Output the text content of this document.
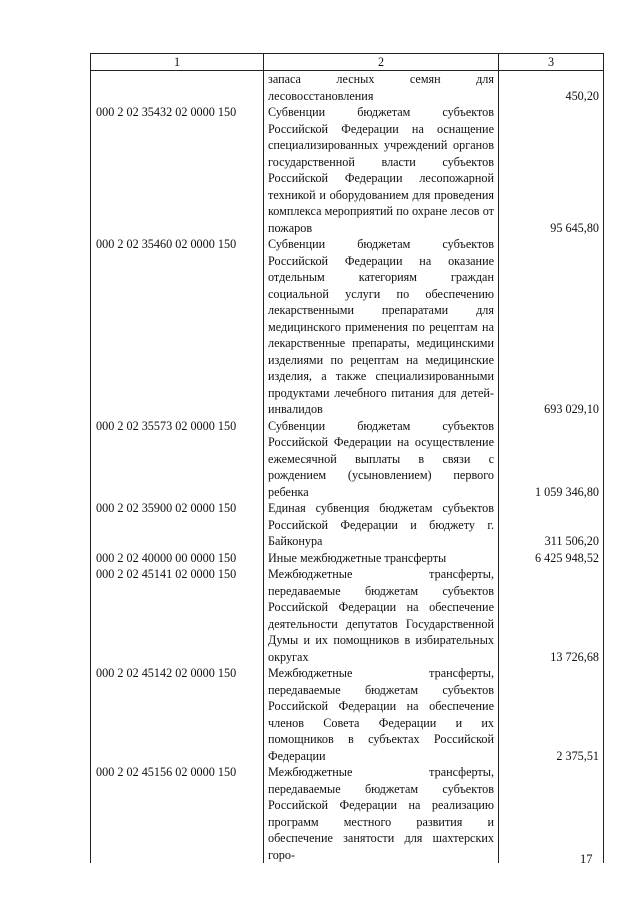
1	2	3
	запаса лесных семян для лесовосстановления	450,20
000 2 02 35432 02 0000 150	Субвенции бюджетам субъектов Российской Федерации на оснащение специализированных учреждений органов государственной власти субъектов Российской Федерации лесопожарной техникой и оборудованием для проведения комплекса мероприятий по охране лесов от пожаров	95 645,80
000 2 02 35460 02 0000 150	Субвенции бюджетам субъектов Российской Федерации на оказание отдельным категориям граждан социальной услуги по обеспечению лекарственными препаратами для медицинского применения по рецептам на лекарственные препараты, медицинскими изделиями по рецептам на медицинские изделия, а также специализированными продуктами лечебного питания для детей-инвалидов	693 029,10
000 2 02 35573 02 0000 150	Субвенции бюджетам субъектов Российской Федерации на осуществление ежемесячной выплаты в связи с рождением (усыновлением) первого ребенка	1 059 346,80
000 2 02 35900 02 0000 150	Единая субвенция бюджетам субъектов Российской Федерации и бюджету г. Байконура	311 506,20
000 2 02 40000 00 0000 150	Иные межбюджетные трансферты	6 425 948,52
000 2 02 45141 02 0000 150	Межбюджетные трансферты, передаваемые бюджетам субъектов Российской Федерации на обеспечение деятельности депутатов Государственной Думы и их помощников в избирательных округах	13 726,68
000 2 02 45142 02 0000 150	Межбюджетные трансферты, передаваемые бюджетам субъектов Российской Федерации на обеспечение членов Совета Федерации и их помощников в субъектах Российской Федерации	2 375,51
000 2 02 45156 02 0000 150	Межбюджетные трансферты, передаваемые бюджетам субъектов Российской Федерации на реализацию программ местного развития и обеспечение занятости для шахтерских горо-		17
